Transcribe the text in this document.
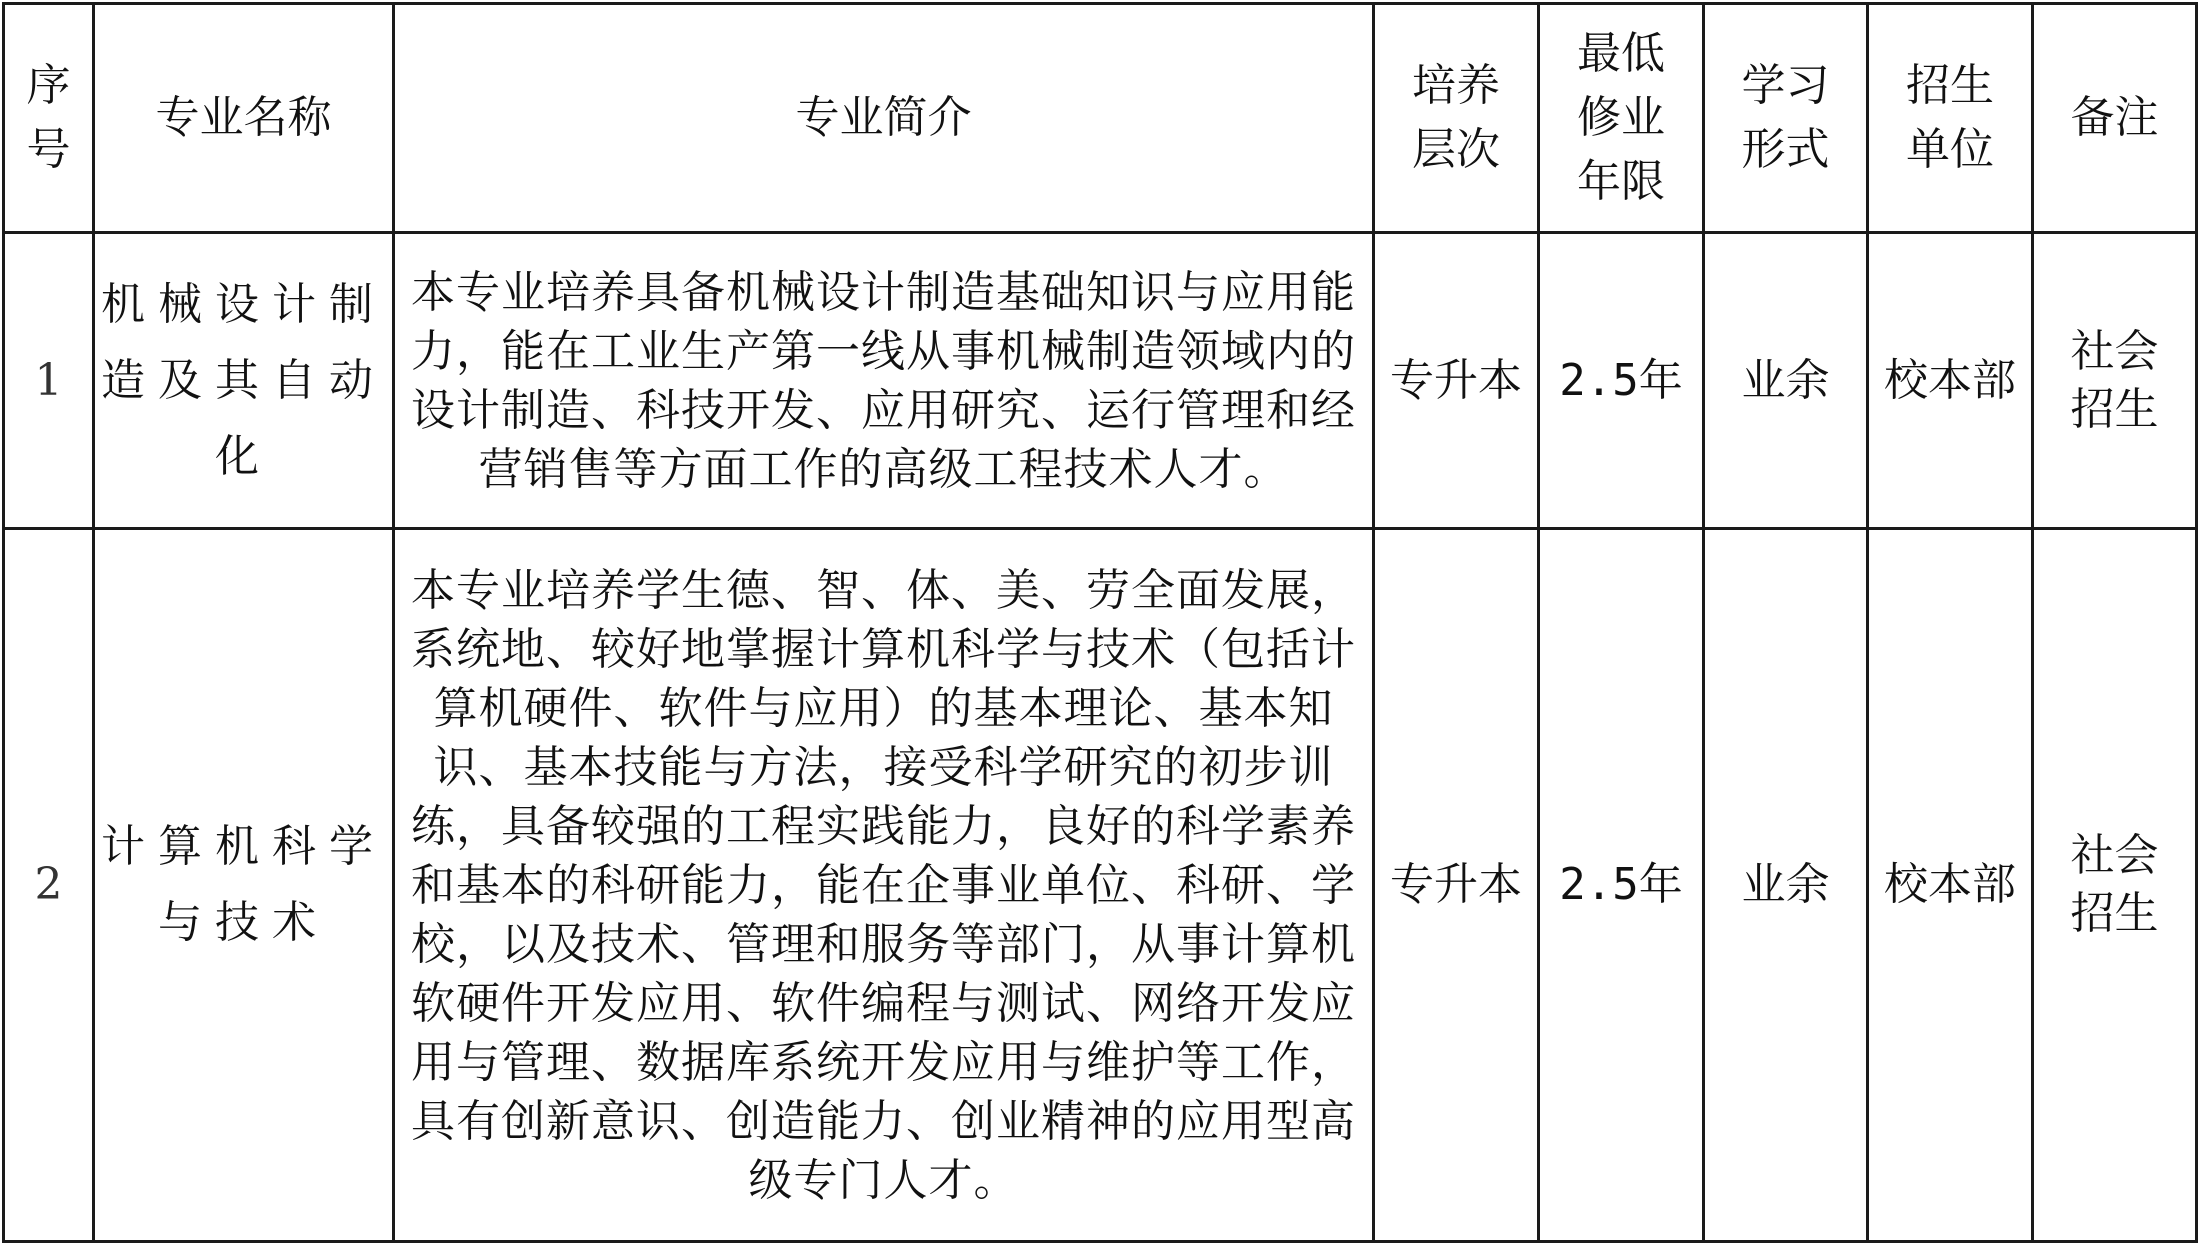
序号	专业名称	专业简介	培养层次	最低修业年限	学习形式	招生单位	备注
1	机械设计制造及其自动化	本专业培养具备机械设计制造基础知识与应用能力，能在工业生产第一线从事机械制造领域内的设计制造、科技开发、应用研究、运行管理和经营销售等方面工作的高级工程技术人才。	专升本	2.5年	业余	校本部	社会招生
2	计算机科学与技术	本专业培养学生德、智、体、美、劳全面发展，系统地、较好地掌握计算机科学与技术（包括计算机硬件、软件与应用）的基本理论、基本知识、基本技能与方法，接受科学研究的初步训练，具备较强的工程实践能力，良好的科学素养和基本的科研能力，能在企事业单位、科研、学校，以及技术、管理和服务等部门，从事计算机软硬件开发应用、软件编程与测试、网络开发应用与管理、数据库系统开发应用与维护等工作，具有创新意识、创造能力、创业精神的应用型高级专门人才。	专升本	2.5年	业余	校本部	社会招生
